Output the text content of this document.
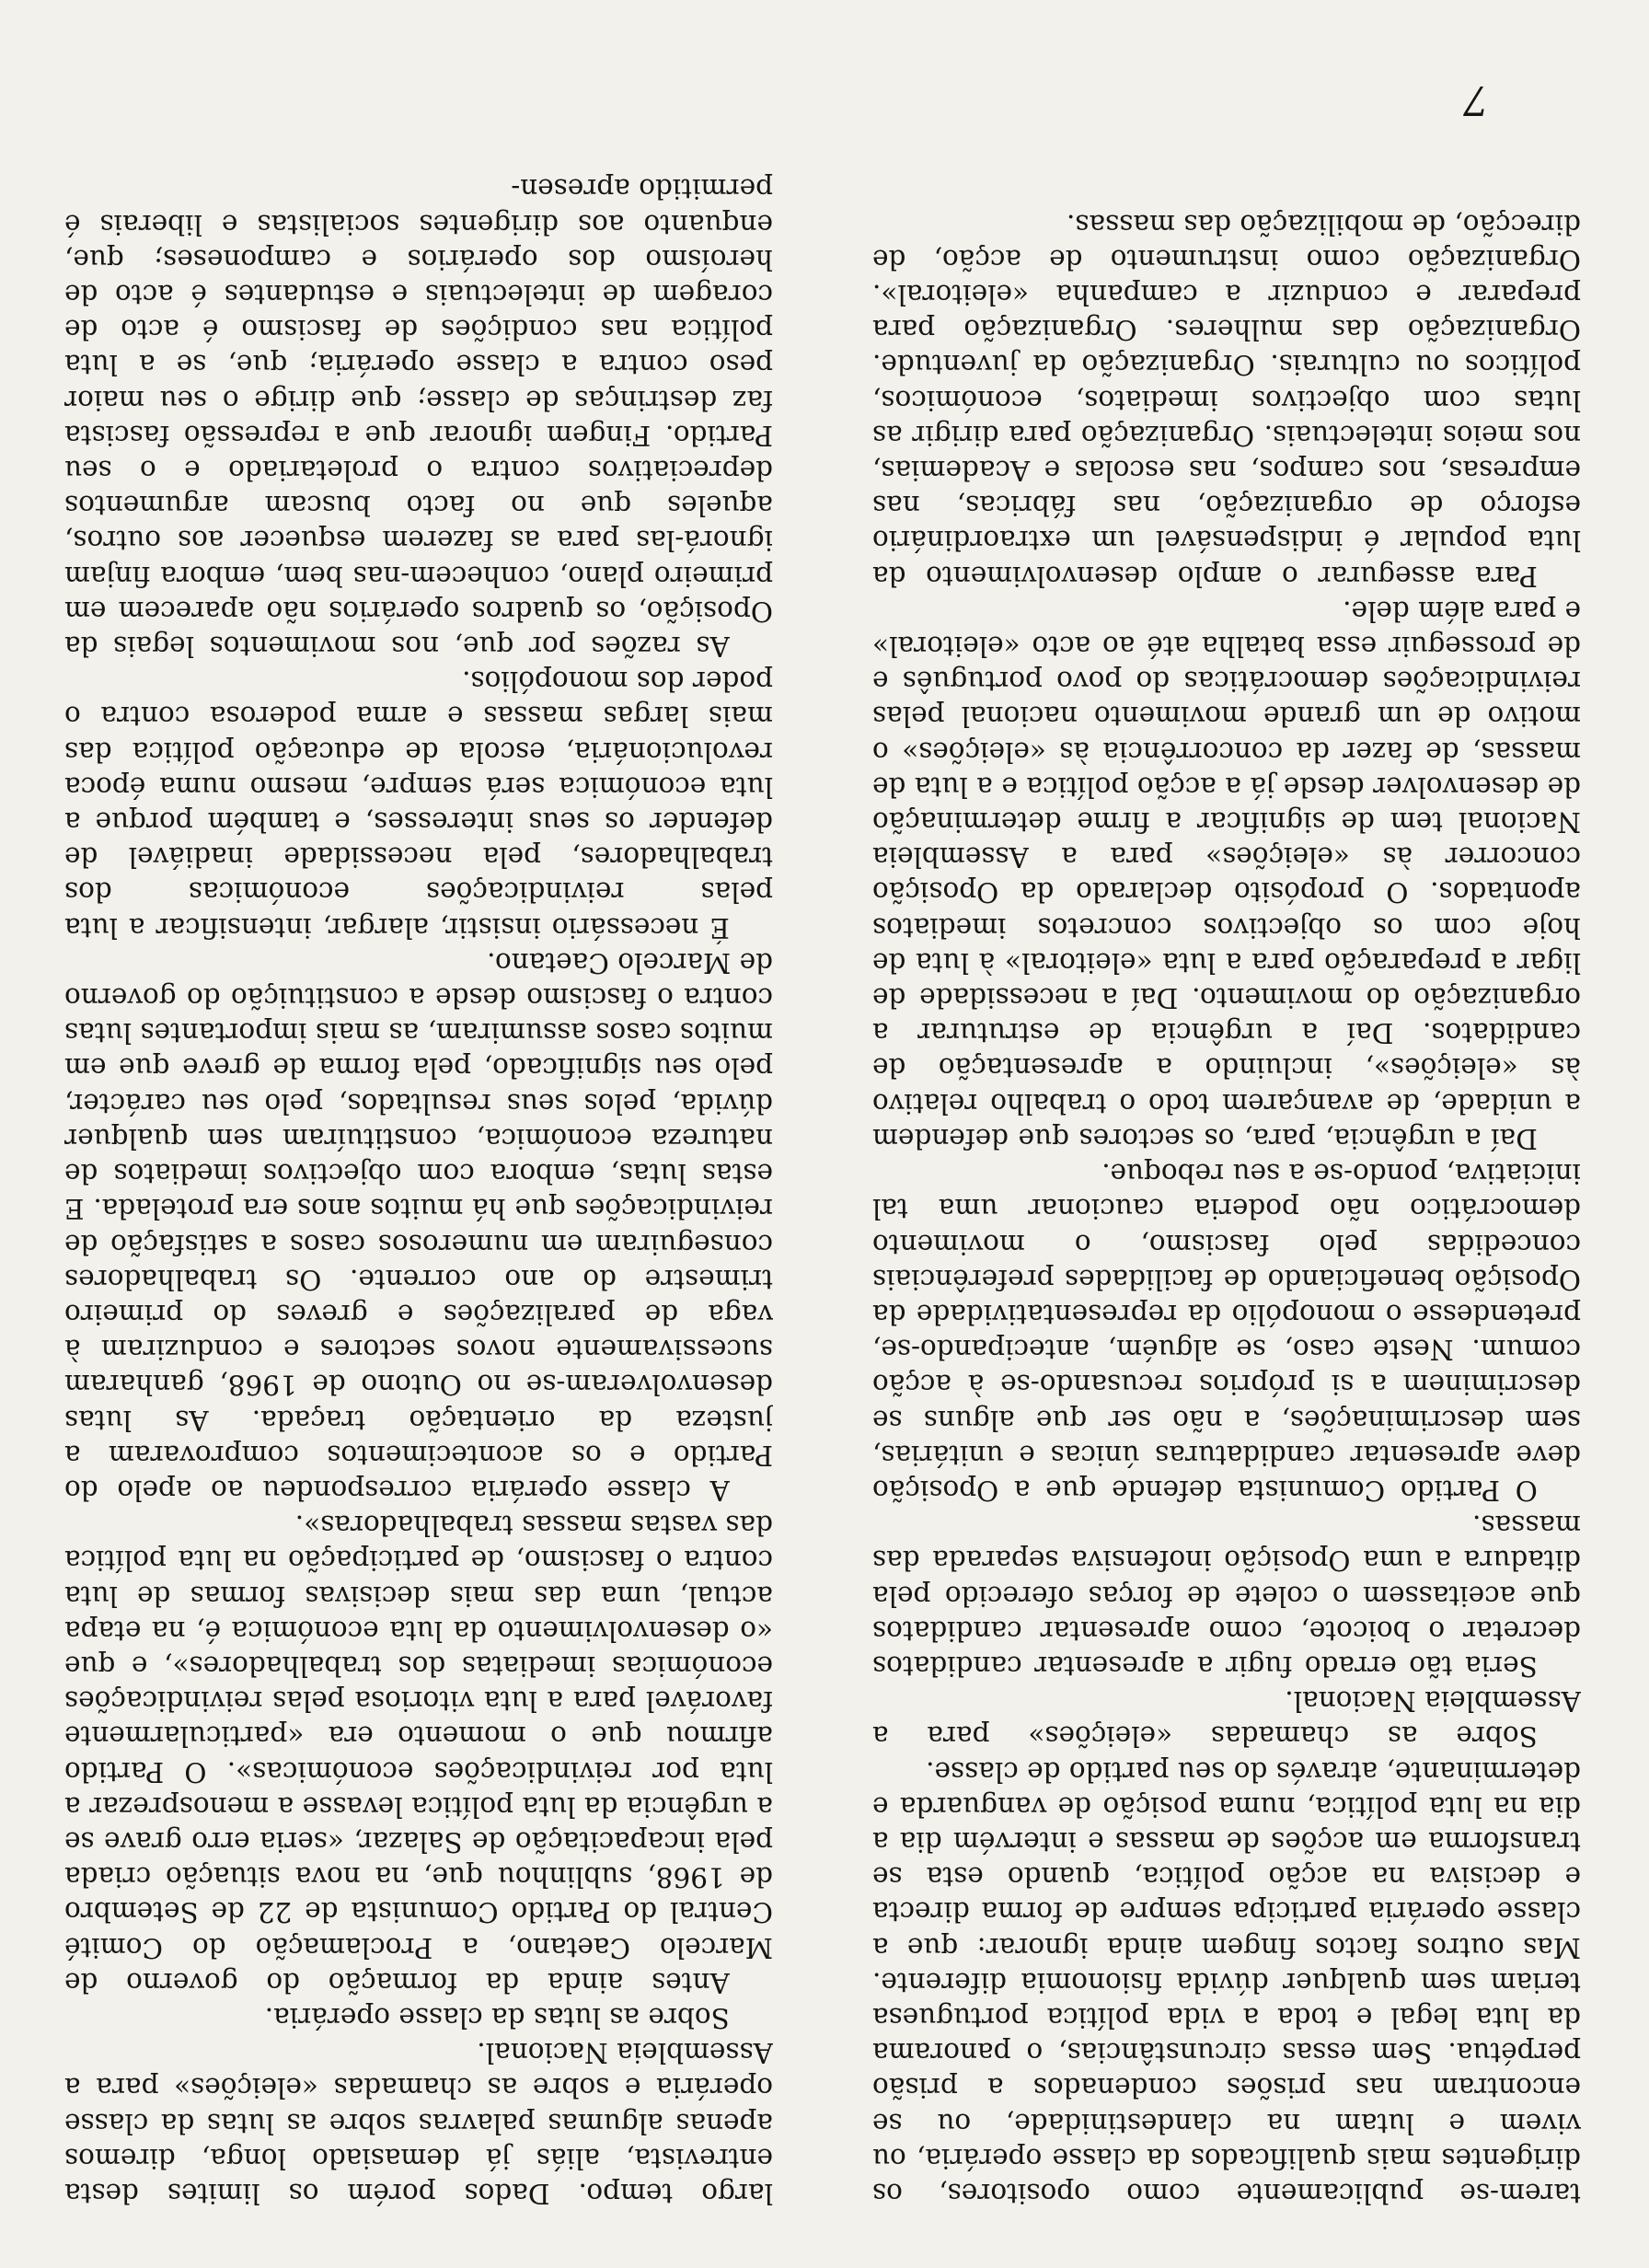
tarem-se publicamente como opositores, os dirigentes mais qualificados da classe operária, ou vivem e lutam na clandestinidade, ou se encontram nas prisões condenados a prisão perpétua. Sem essas circunstâncias, o panorama da luta legal e toda a vida política portuguesa teriam sem qualquer dúvida fisionomia diferente. Mas outros factos fingem ainda ignorar: que a classe operária participa sempre de forma directa e decisiva na acção política, quando esta se transforma em acções de massas e intervém dia a dia na luta política, numa posição de vanguarda e determinante, através do seu partido de classe.

Sobre as chamadas «eleições» para a Assembleia Nacional.

Seria tão errado fugir a apresentar candidatos decretar o boicote, como apresentar candidatos que aceitassem o colete de forças oferecido pela ditadura a uma Oposição inofensiva separada das massas.

O Partido Comunista defende que a Oposição deve apresentar candidaturas únicas e unitárias, sem descriminações, a não ser que alguns se descriminem a si próprios recusando-se à acção comum. Neste caso, se alguém, antecipando-se, pretendesse o monopólio da representatividade da Oposição beneficiando de facilidades preferênciais concedidas pelo fascismo, o movimento democrático não poderia caucionar uma tal iniciativa, pondo-se a seu reboque.

Daí a urgência, para, os sectores que defendem a unidade, de avançarem todo o trabalho relativo às «eleições», incluindo a apresentação de candidatos. Daí a urgência de estruturar a organização do movimento. Daí a necessidade de ligar a preparação para a luta «eleitoral» à luta de hoje com os objectivos concretos imediatos apontados. O propósito declarado da Oposição concorrer às «eleições» para a Assembleia Nacional tem de significar a firme determinação de desenvolver desde já a acção política e a luta de massas, de fazer da concorrência às «eleições» o motivo de um grande movimento nacional pelas reivindicações democráticas do povo português e de prosseguir essa batalha até ao acto «eleitoral» e para além dele.

Para assegurar o amplo desenvolvimento da luta popular é indispensável um extraordinário esforço de organização, nas fábricas, nas empresas, nos campos, nas escolas e Academias, nos meios intelectuais. Organização para dirigir as lutas com objectivos imediatos, económicos, políticos ou culturais. Organização da juventude. Organização das mulheres. Organização para preparar e conduzir a campanha «eleitoral». Organização como instrumento de acção, de direcção, de mobilização das massas.

largo tempo. Dados porém os limites desta entrevista, aliás já demasiado longa, diremos apenas algumas palavras sobre as lutas da classe operária e sobre as chamadas «eleições» para a Assembleia Nacional.

Sobre as lutas da classe operária.

Antes ainda da formação do governo de Marcelo Caetano, a Proclamação do Comité Central do Partido Comunista de 22 de Setembro de 1968, sublinhou que, na nova situação criada pela incapacitação de Salazar, «seria erro grave se a urgência da luta política levasse a menosprezar a luta por reivindicações económicas». O Partido afirmou que o momento era «particularmente favorável para a luta vitoriosa pelas reivindicações económicas imediatas dos trabalhadores», e que «o desenvolvimento da luta económica é, na etapa actual, uma das mais decisivas formas de luta contra o fascismo, de participação na luta política das vastas massas trabalhadoras».

A classe operária correspondeu ao apelo do Partido e os acontecimentos comprovaram a justeza da orientação traçada. As lutas desenvolveram-se no Outono de 1968, ganharam sucessivamente novos sectores e conduziram à vaga de paralizações e greves do primeiro trimestre do ano corrente. Os trabalhadores conseguiram em numerosos casos a satisfação de reivindicações que há muitos anos era protelada. E estas lutas, embora com objectivos imediatos de natureza económica, constituíram sem qualquer dúvida, pelos seus resultados, pelo seu carácter, pelo seu significado, pela forma de greve que em muitos casos assumiram, as mais importantes lutas contra o fascismo desde a constituição do governo de Marcelo Caetano.

É necessário insistir, alargar, intensificar a luta pelas reivindicações económicas dos trabalhadores, pela necessidade inadiável de defender os seus interesses, e também porque a luta económica será sempre, mesmo numa época revolucionária, escola de educação política das mais largas massas e arma poderosa contra o poder dos monopólios.

As razões por que, nos movimentos legais da Oposição, os quadros operários não aparecem em primeiro plano, conhecem-nas bem, embora finjam ignorá-las para as fazerem esquecer aos outros, aqueles que no facto buscam argumentos depreciativos contra o proletariado e o seu Partido. Fingem ignorar que a repressão fascista faz destrinças de classe; que dirige o seu maior peso contra a classe operária; que, se a luta política nas condições de fascismo é acto de coragem de intelectuais e estudantes é acto de heroísmo dos operários e camponeses; que, enquanto aos dirigentes socialistas e liberais é permitido apresen-

7
